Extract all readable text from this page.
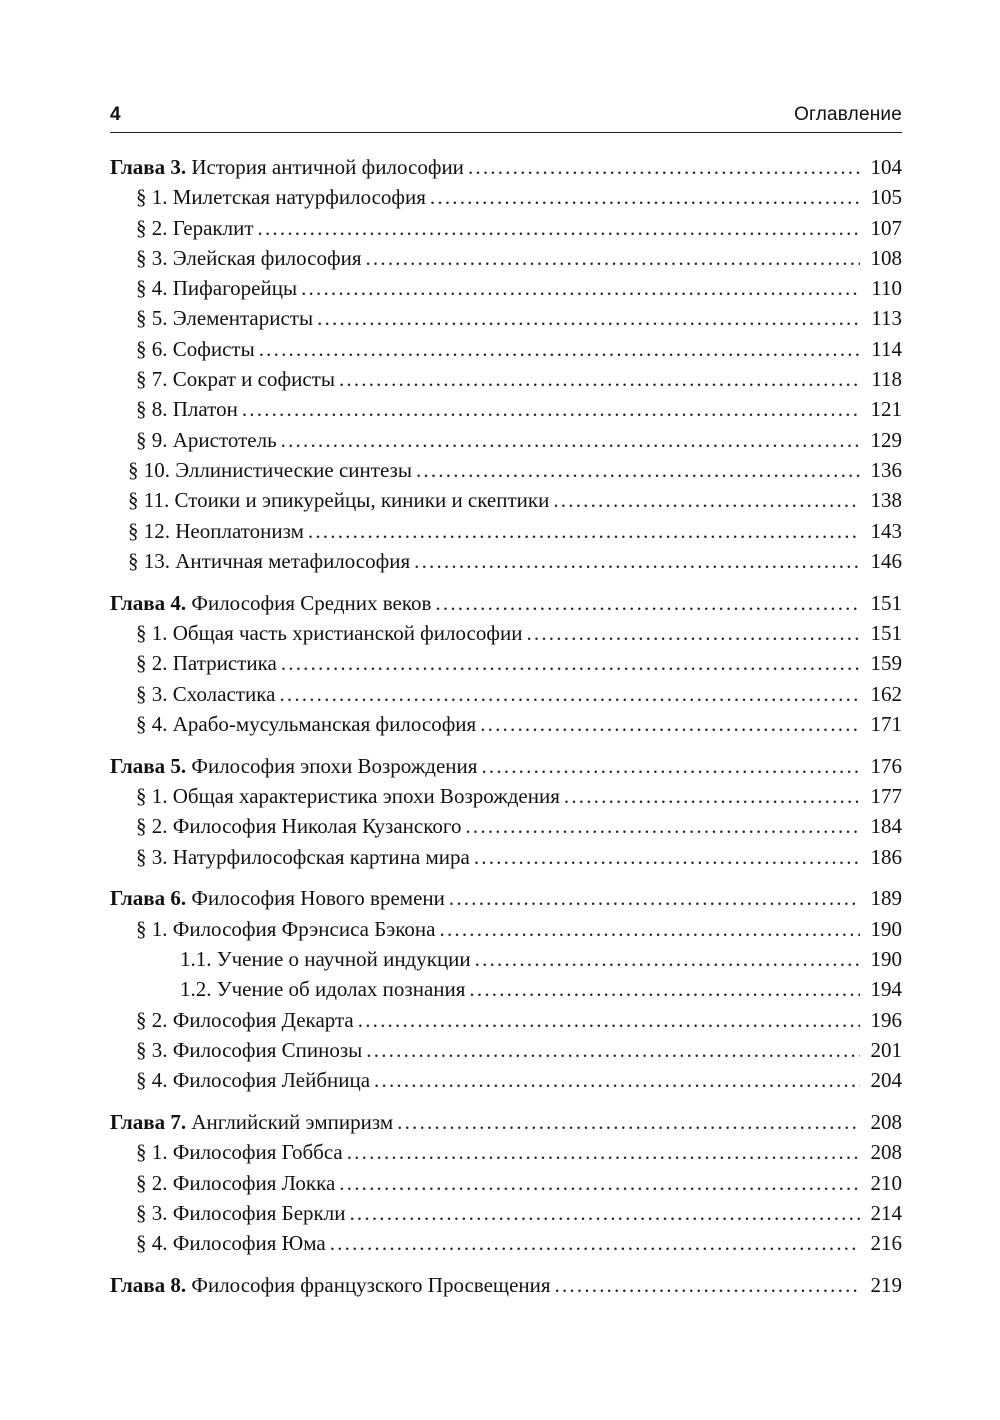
4	Оглавление
Глава 3. История античной философии .....	104
§ 1. Милетская натурфилософия .....	105
§ 2. Гераклит .....	107
§ 3. Элейская философия .....	108
§ 4. Пифагорейцы .....	110
§ 5. Элементаристы .....	113
§ 6. Софисты .....	114
§ 7. Сократ и софисты .....	118
§ 8. Платон .....	121
§ 9. Аристотель .....	129
§ 10. Эллинистические синтезы .....	136
§ 11. Стоики и эпикурейцы, киники и скептики .....	138
§ 12. Неоплатонизм .....	143
§ 13. Античная метафилософия .....	146
Глава 4. Философия Средних веков .....	151
§ 1. Общая часть христианской философии .....	151
§ 2. Патристика .....	159
§ 3. Схоластика .....	162
§ 4. Арабо-мусульманская философия .....	171
Глава 5. Философия эпохи Возрождения .....	176
§ 1. Общая характеристика эпохи Возрождения .....	177
§ 2. Философия Николая Кузанского .....	184
§ 3. Натурфилософская картина мира .....	186
Глава 6. Философия Нового времени .....	189
§ 1. Философия Фрэнсиса Бэкона .....	190
1.1. Учение о научной индукции .....	190
1.2. Учение об идолах познания .....	194
§ 2. Философия Декарта .....	196
§ 3. Философия Спинозы .....	201
§ 4. Философия Лейбница .....	204
Глава 7. Английский эмпиризм .....	208
§ 1. Философия Гоббса .....	208
§ 2. Философия Локка .....	210
§ 3. Философия Беркли .....	214
§ 4. Философия Юма .....	216
Глава 8. Философия французского Просвещения .....	219
